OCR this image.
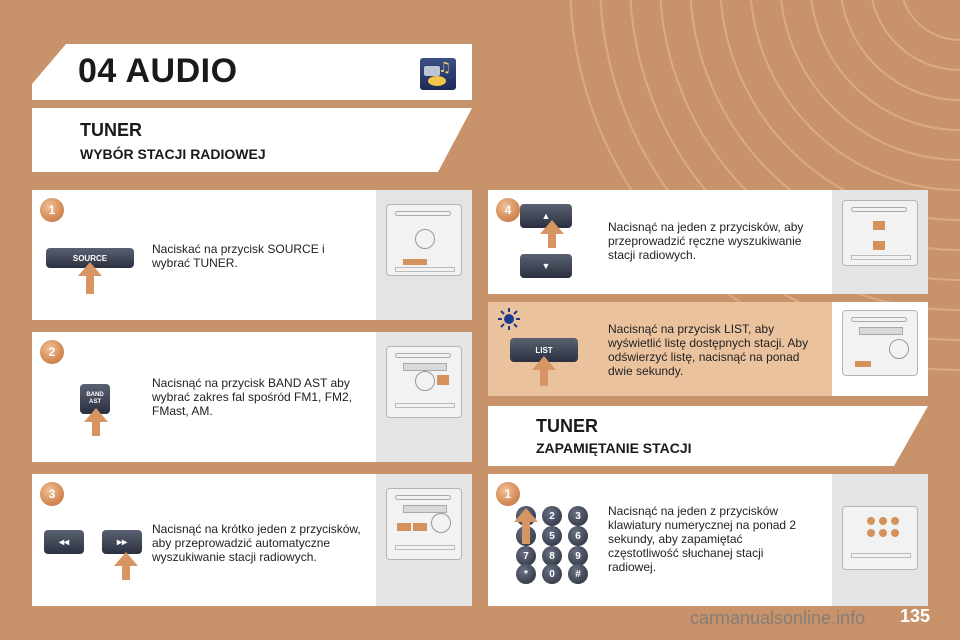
04 AUDIO	♫
TUNER
WYBÓR STACJI RADIOWEJ
Naciskać na przycisk SOURCE i wybrać TUNER.
1
SOURCE
Nacisnąć na przycisk BAND AST aby wybrać zakres fal spośród FM1, FM2, FMast, AM.
2
BAND AST
Nacisnąć na krótko jeden z przycisków, aby przeprowadzić automatyczne wyszukiwanie stacji radiowych.
3
◂◂	▸▸
Nacisnąć na jeden z przycisków, aby przeprowadzić ręczne wyszukiwanie stacji radiowych.
4	▲
▼
Nacisnąć na przycisk LIST, aby wyświetlić listę dostępnych stacji. Aby odświerzyć listę, nacisnąć na ponad dwie sekundy.
LIST
TUNER
ZAPAMIĘTANIE STACJI
Nacisnąć na jeden z przycisków klawiatury numerycznej na ponad 2 sekundy, aby zapamiętać częstotliwość słuchanej stacji radiowej.
1
1	2	3
5	6
7	8	9
*	0	#
carmanualsonline.info 135
